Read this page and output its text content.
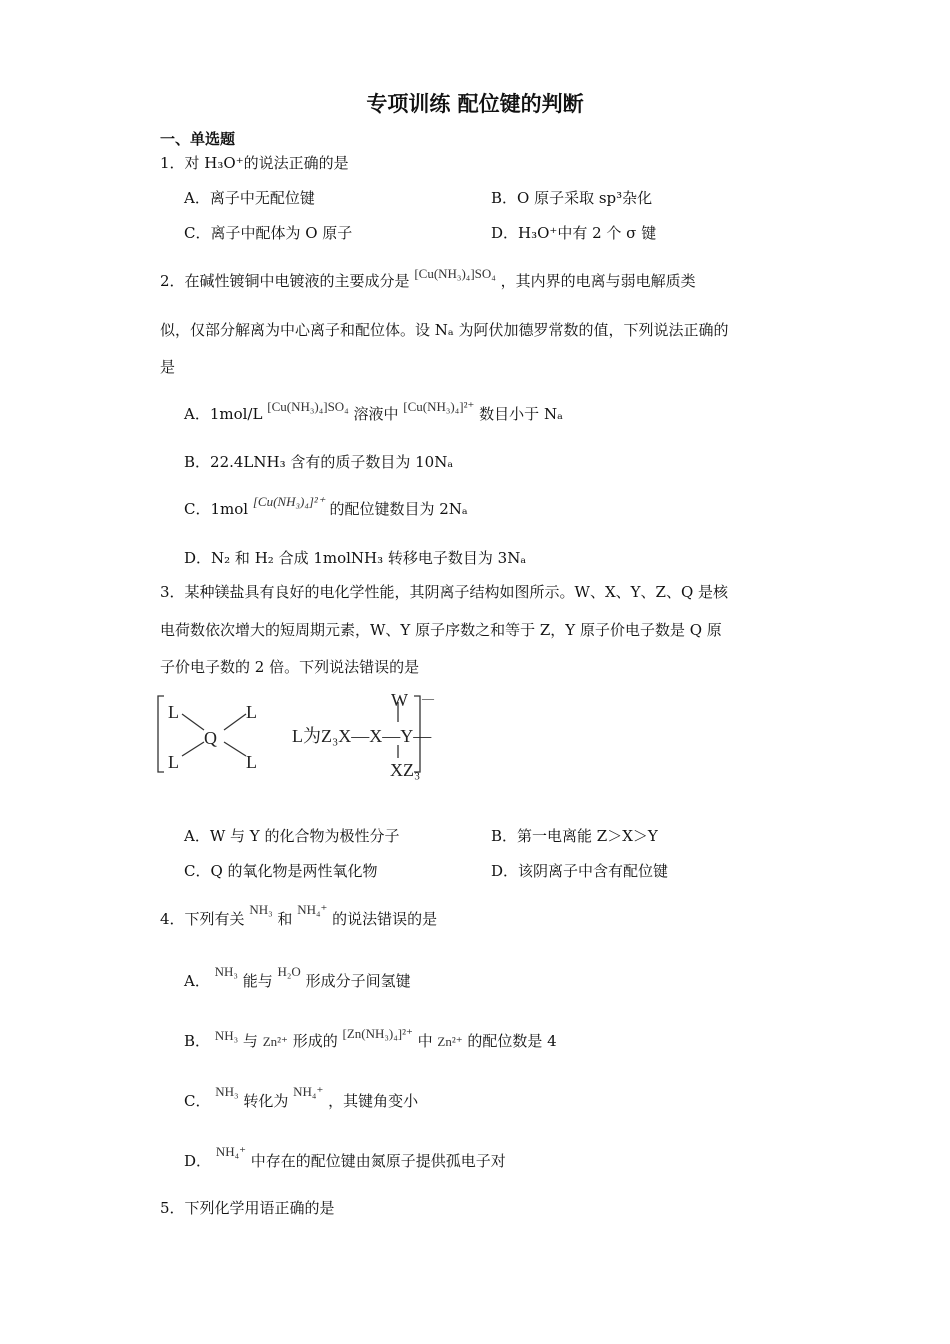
专项训练 配位键的判断
一、单选题
1．对 H₃O⁺的说法正确的是
A．离子中无配位键	B．O 原子采取 sp³杂化
C．离子中配体为 O 原子	D．H₃O⁺中有 2 个 σ 键
2．在碱性镀铜中电镀液的主要成分是 [Cu(NH₃)₄]SO₄ ，其内界的电离与弱电解质类
似，仅部分解离为中心离子和配位体。设 Nₐ 为阿伏加德罗常数的值，下列说法正确的
是
A．1mol/L [Cu(NH₃)₄]SO₄ 溶液中 [Cu(NH₃)₄]²⁺ 数目小于 Nₐ
B．22.4LNH₃ 含有的质子数目为 10Nₐ
C．1mol [Cu(NH₃)₄]²⁺ 的配位键数目为 2Nₐ
D．N₂ 和 H₂ 合成 1molNH₃ 转移电子数目为 3Nₐ
3．某种镁盐具有良好的电化学性能，其阴离子结构如图所示。W、X、Y、Z、Q 是核
电荷数依次增大的短周期元素，W、Y 原子序数之和等于 Z，Y 原子价电子数是 Q 原
子价电子数的 2 倍。下列说法错误的是
L	L
Q
L	L
—
W
L为Z₃X—X—Y—
XZ₃
A．W 与 Y 的化合物为极性分子	B．第一电离能 Z＞X＞Y
C．Q 的氧化物是两性氧化物	D．该阴离子中含有配位键
4．下列有关 NH₃ 和 NH₄⁺ 的说法错误的是
A． NH₃ 能与 H₂O 形成分子间氢键
B． NH₃ 与 Zn²⁺ 形成的 [Zn(NH₃)₄]²⁺ 中 Zn²⁺ 的配位数是 4
C． NH₃ 转化为 NH₄⁺ ，其键角变小
D． NH₄⁺ 中存在的配位键由氮原子提供孤电子对
5．下列化学用语正确的是
